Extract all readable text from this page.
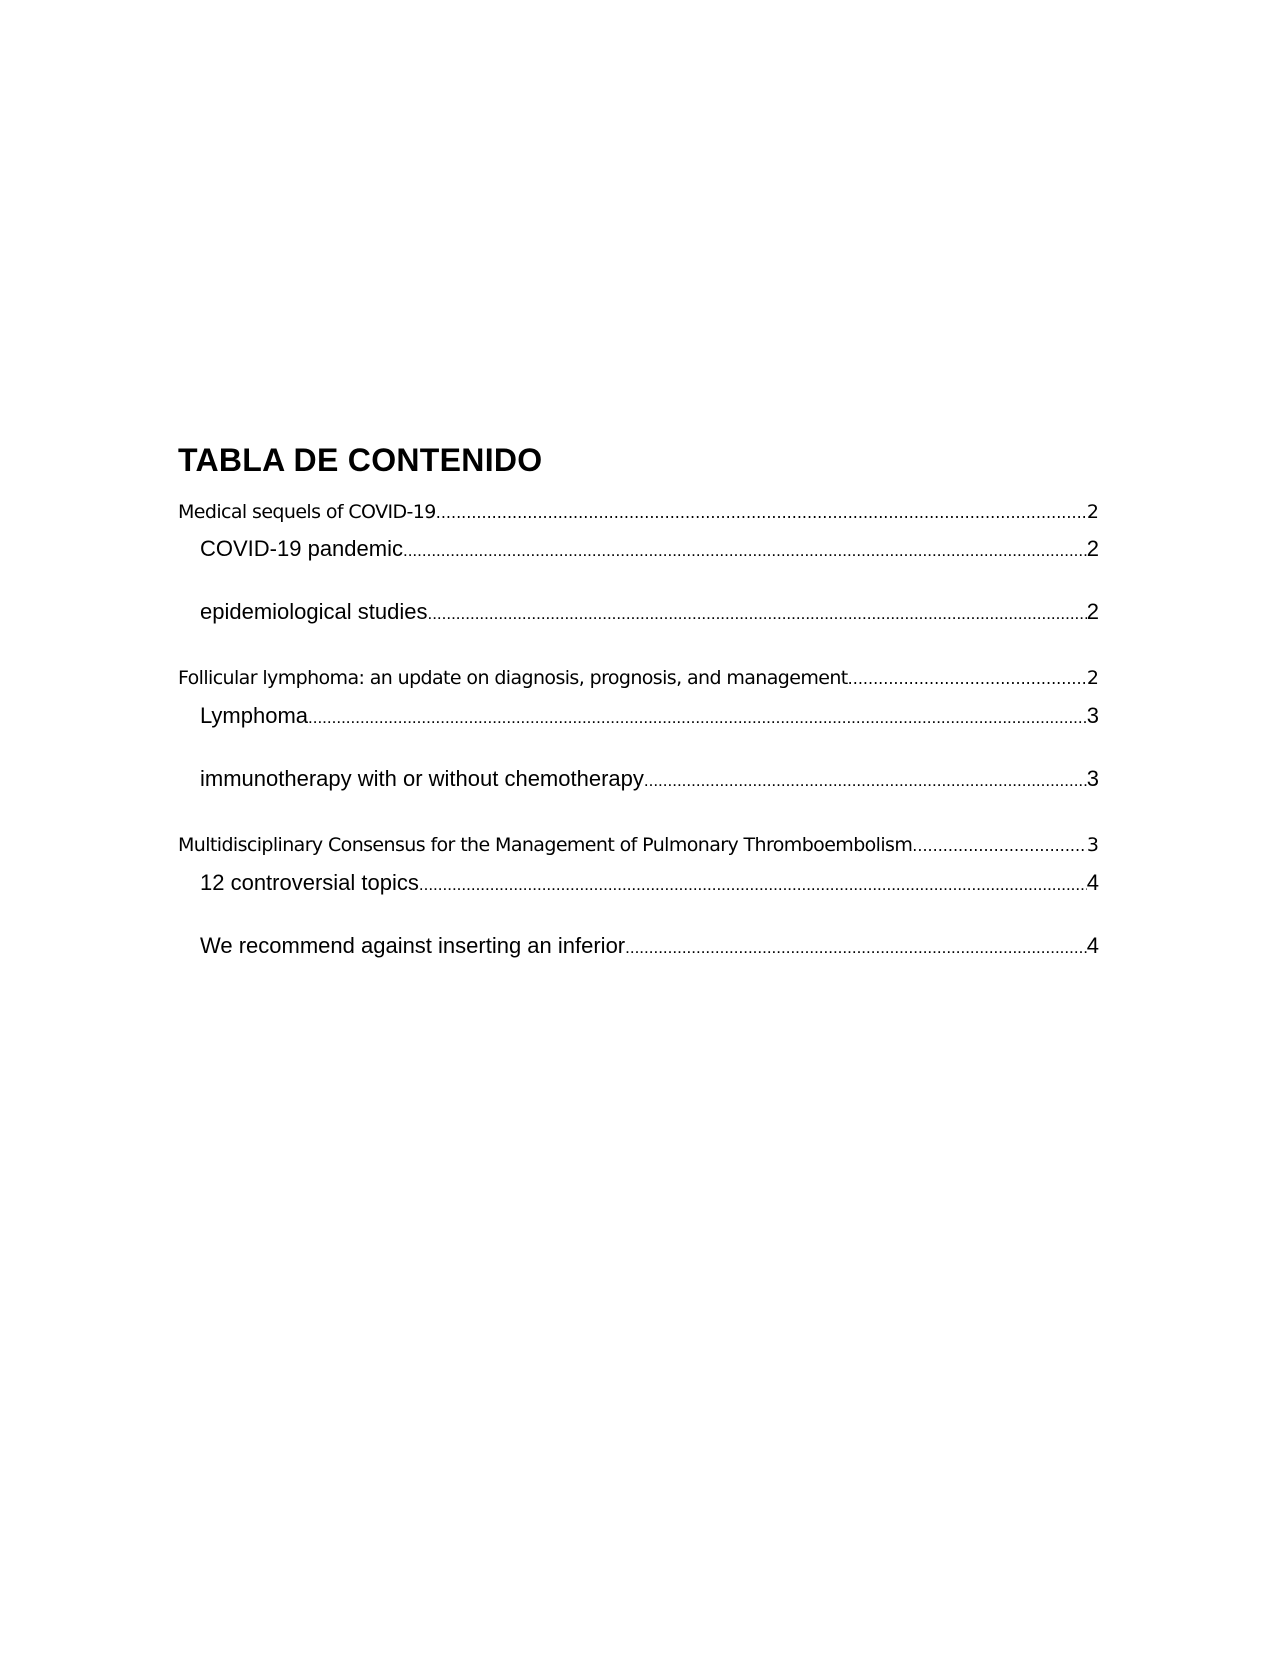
TABLA DE CONTENIDO
Medical sequels of COVID-19 .....	2
COVID-19 pandemic .....	2
epidemiological studies .....	2
Follicular lymphoma: an update on diagnosis, prognosis, and management .....	2
Lymphoma .....	3
immunotherapy with or without chemotherapy .....	3
Multidisciplinary Consensus for the Management of Pulmonary Thromboembolism .....	3
12 controversial topics .....	4
We recommend against inserting an inferior .....	4
